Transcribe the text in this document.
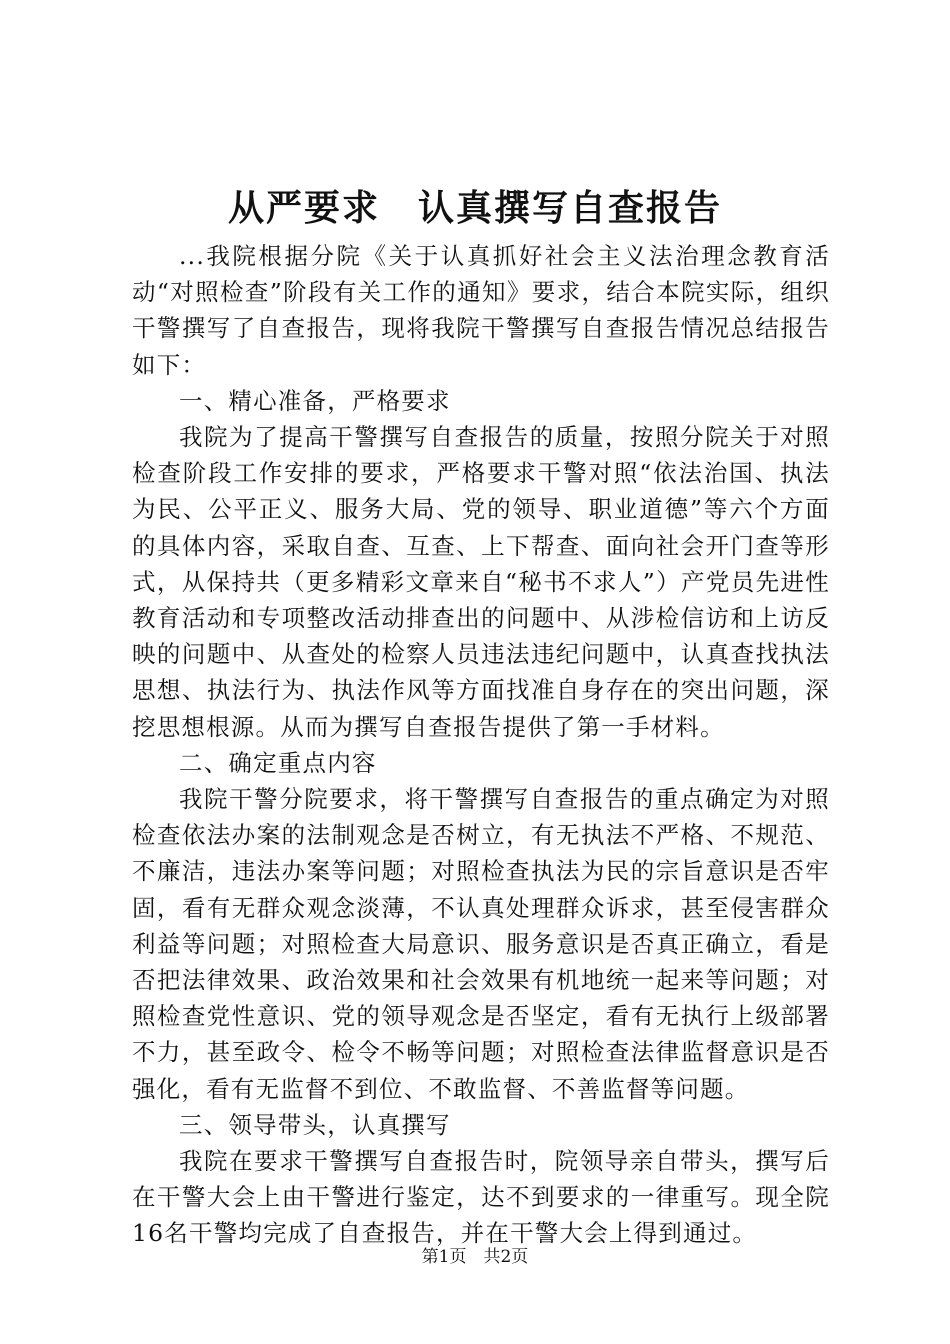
从严要求　认真撰写自查报告

...我院根据分院《关于认真抓好社会主义法治理念教育活动“对照检查”阶段有关工作的通知》要求，结合本院实际，组织干警撰写了自查报告，现将我院干警撰写自查报告情况总结报告如下：

一、精心准备，严格要求

我院为了提高干警撰写自查报告的质量，按照分院关于对照检查阶段工作安排的要求，严格要求干警对照“依法治国、执法为民、公平正义、服务大局、党的领导、职业道德”等六个方面的具体内容，采取自查、互查、上下帮查、面向社会开门查等形式，从保持共（更多精彩文章来自“秘书不求人”）产党员先进性教育活动和专项整改活动排查出的问题中、从涉检信访和上访反映的问题中、从查处的检察人员违法违纪问题中，认真查找执法思想、执法行为、执法作风等方面找准自身存在的突出问题，深挖思想根源。从而为撰写自查报告提供了第一手材料。

二、确定重点内容

我院干警分院要求，将干警撰写自查报告的重点确定为对照检查依法办案的法制观念是否树立，有无执法不严格、不规范、不廉洁，违法办案等问题；对照检查执法为民的宗旨意识是否牢固，看有无群众观念淡薄，不认真处理群众诉求，甚至侵害群众利益等问题；对照检查大局意识、服务意识是否真正确立，看是否把法律效果、政治效果和社会效果有机地统一起来等问题；对照检查党性意识、党的领导观念是否坚定，看有无执行上级部署不力，甚至政令、检令不畅等问题；对照检查法律监督意识是否强化，看有无监督不到位、不敢监督、不善监督等问题。

三、领导带头，认真撰写

我院在要求干警撰写自查报告时，院领导亲自带头，撰写后在干警大会上由干警进行鉴定，达不到要求的一律重写。现全院16名干警均完成了自查报告，并在干警大会上得到通过。

第1页　共2页
